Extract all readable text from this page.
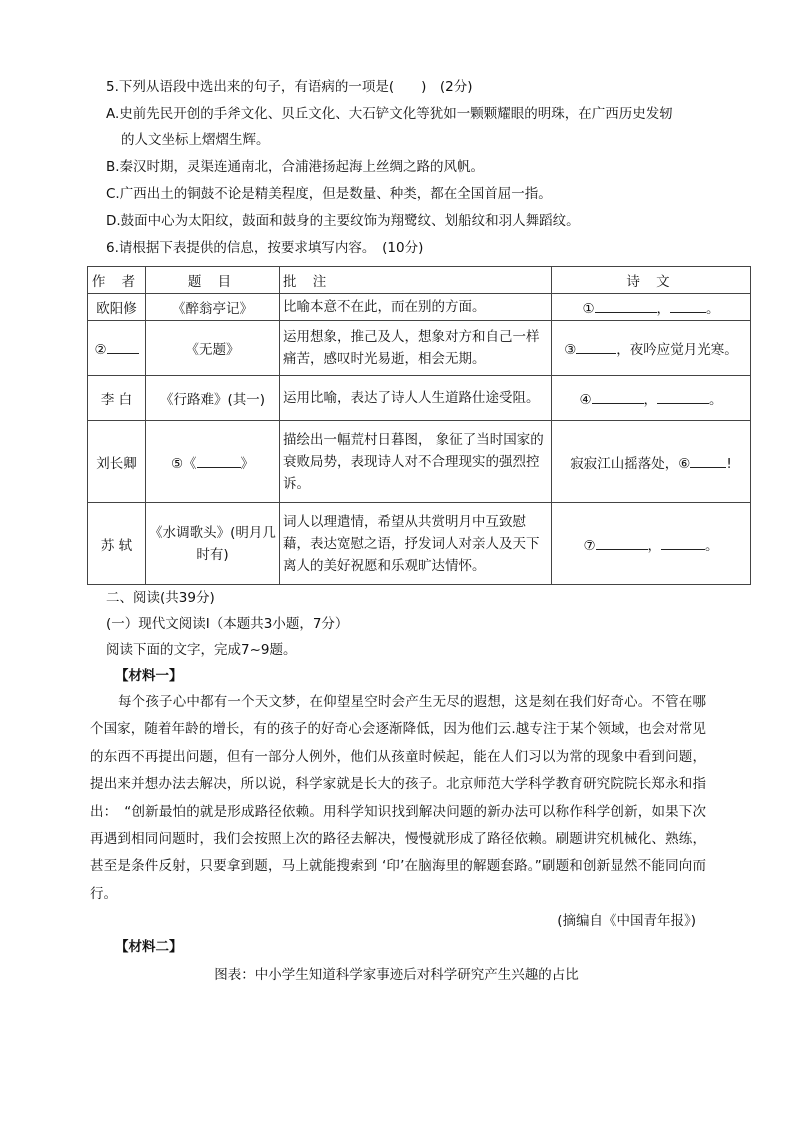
5.下列从语段中选出来的句子，有语病的一项是(　　)　(2分)
A.史前先民开创的手斧文化、贝丘文化、大石铲文化等犹如一颗颗耀眼的明珠，在广西历史发轫
的人文坐标上熠熠生辉。
B.秦汉时期，灵渠连通南北，合浦港扬起海上丝绸之路的风帆。
C.广西出土的铜鼓不论是精美程度，但是数量、种类，都在全国首屈一指。
D.鼓面中心为太阳纹，鼓面和鼓身的主要纹饰为翔鹭纹、划船纹和羽人舞蹈纹。
6.请根据下表提供的信息，按要求填写内容。　(10分)
作 者	题 目	批 注	诗 文
欧阳修	《醉翁亭记》	比喻本意不在此，而在别的方面。	① ， 。
②	《无题》	运用想象，推己及人，想象对方和自己一样痛苦，感叹时光易逝，相会无期。	③ ，夜吟应觉月光寒。
李 白	《行路难》(其一)	运用比喻，表达了诗人人生道路仕途受阻。	④ ， 。
刘长卿	⑤《 》	描绘出一幅荒村日暮图， 象征了当时国家的衰败局势，表现诗人对不合理现实的强烈控诉。	寂寂江山摇落处，⑥ !
苏 轼	《水调歌头》(明月几时有)	词人以理遣情，希望从共赏明月中互致慰藉，表达宽慰之语，抒发词人对亲人及天下离人的美好祝愿和乐观旷达情怀。	⑦ ， 。
二、阅读(共39分)
(一）现代文阅读Ⅰ（本题共3小题，7分）
阅读下面的文字，完成7~9题。
【材料一】
每个孩子心中都有一个天文梦，在仰望星空时会产生无尽的遐想，这是刻在我们好奇心。不管在哪个国家，随着年龄的增长，有的孩子的好奇心会逐渐降低，因为他们云.越专注于某个领域，也会对常见的东西不再提出问题，但有一部分人例外，他们从孩童时候起，能在人们习以为常的现象中看到问题，提出来并想办法去解决，所以说，科学家就是长大的孩子。北京师范大学科学教育研究院院长郑永和指出：　“创新最怕的就是形成路径依赖。用科学知识找到解决问题的新办法可以称作科学创新，如果下次再遇到相同问题时，我们会按照上次的路径去解决，慢慢就形成了路径依赖。刷题讲究机械化、熟练，甚至是条件反射，只要拿到题，马上就能搜索到 ‘印’在脑海里的解题套路。”刷题和创新显然不能同向而行。
(摘编自《中国青年报》)
【材料二】
图表：中小学生知道科学家事迹后对科学研究产生兴趣的占比
